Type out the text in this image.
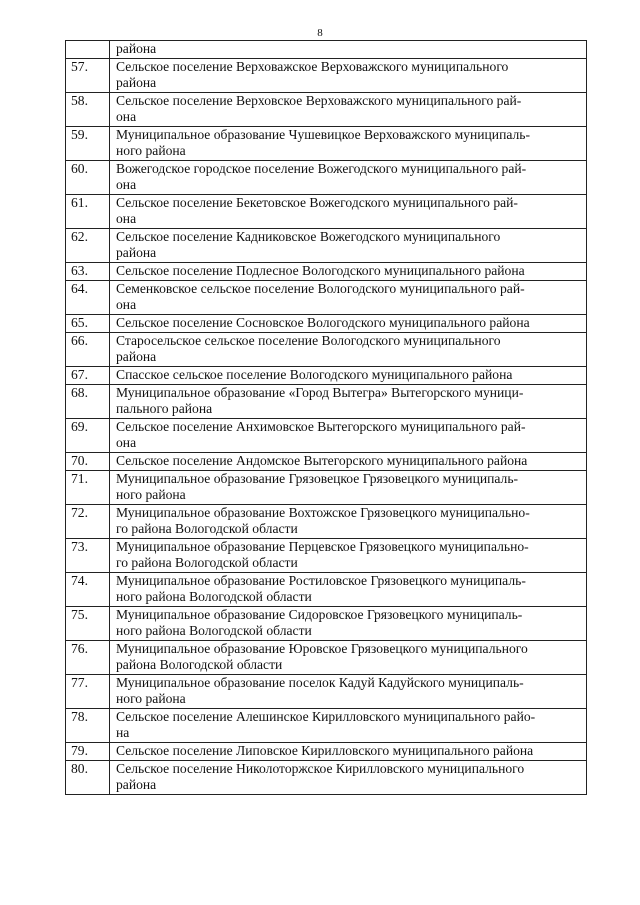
8

	района

57.	Сельское поселение Верховажское Верховажского муниципального
района

58.	Сельское поселение Верховское Верховажского муниципального рай-
она

59.	Муниципальное образование Чушевицкое Верховажского муниципаль-
ного района

60.	Вожегодское городское поселение Вожегодского муниципального рай-
она

61.	Сельское поселение Бекетовское Вожегодского муниципального рай-
она

62.	Сельское поселение Кадниковское Вожегодского муниципального
района

63.	Сельское поселение Подлесное Вологодского муниципального района

64.	Семенковское сельское поселение Вологодского муниципального рай-
она

65.	Сельское поселение Сосновское Вологодского муниципального района

66.	Старосельское сельское поселение Вологодского муниципального
района

67.	Спасское сельское поселение Вологодского муниципального района

68.	Муниципальное образование «Город Вытегра» Вытегорского муници-
пального района

69.	Сельское поселение Анхимовское Вытегорского муниципального рай-
она

70.	Сельское поселение Андомское Вытегорского муниципального района

71.	Муниципальное образование Грязовецкое Грязовецкого муниципаль-
ного района

72.	Муниципальное образование Вохтожское Грязовецкого муниципально-
го района Вологодской области

73.	Муниципальное образование Перцевское Грязовецкого муниципально-
го района Вологодской области

74.	Муниципальное образование Ростиловское Грязовецкого муниципаль-
ного района Вологодской области

75.	Муниципальное образование Сидоровское Грязовецкого муниципаль-
ного района Вологодской области

76.	Муниципальное образование Юровское Грязовецкого муниципального
района Вологодской области

77.	Муниципальное образование поселок Кадуй Кадуйского муниципаль-
ного района

78.	Сельское поселение Алешинское Кирилловского муниципального райо-
на

79.	Сельское поселение Липовское Кирилловского муниципального района

80.	Сельское поселение Николоторжское Кирилловского муниципального
района
